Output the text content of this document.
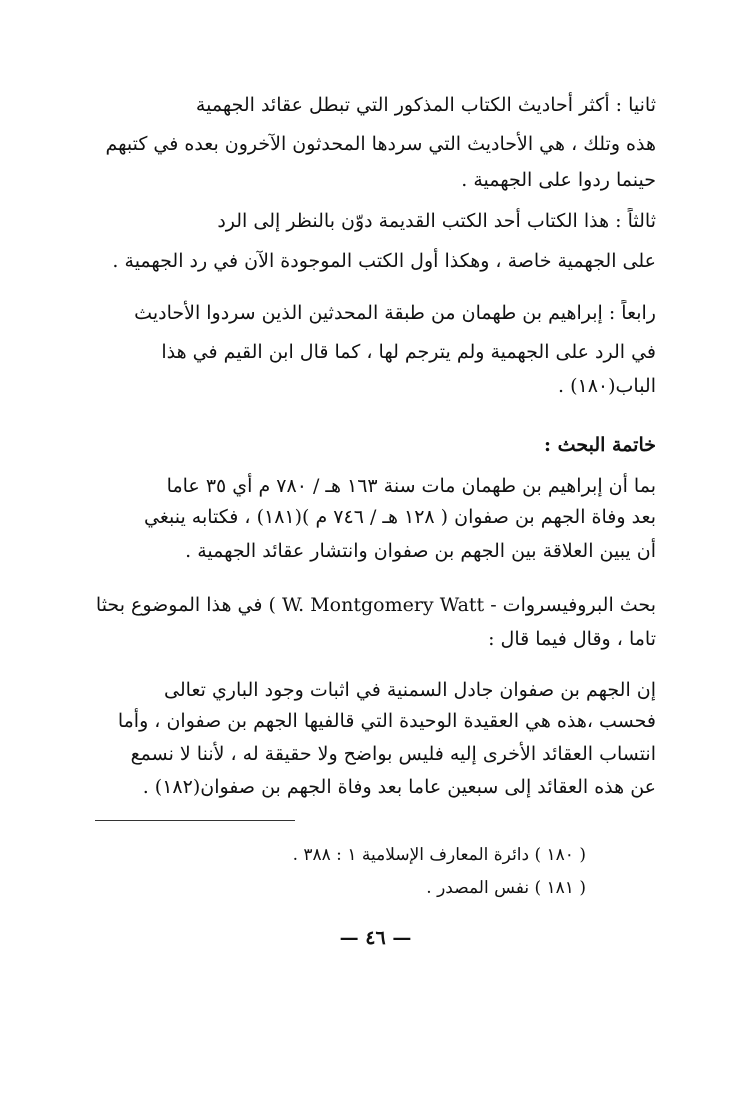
ثانيا : أكثر أحاديث الكتاب المذكور التي تبطل عقائد الجهمية
هذه وتلك ، هي الأحاديث التي سردها المحدثون الآخرون بعده في كتبهم
حينما ردوا على الجهمية .
ثالثاً : هذا الكتاب أحد الكتب القديمة دوّن بالنظر إلى الرد
على الجهمية خاصة ، وهكذا أول الكتب الموجودة الآن في رد الجهمية .
رابعاً : إبراهيم بن طهمان من طبقة المحدثين الذين سردوا الأحاديث
في الرد على الجهمية ولم يترجم لها ، كما قال ابن القيم في هذا
الباب(١٨٠) .
خاتمة البحث :
بما أن إبراهيم بن طهمان مات سنة ١٦٣ هـ / ٧٨٠ م أي ٣٥ عاما
بعد وفاة الجهم بن صفوان ( ١٢٨ هـ / ٧٤٦ م )(١٨١) ، فكتابه ينبغي
أن يبين العلاقة بين الجهم بن صفوان وانتشار عقائد الجهمية .
بحث البروفيسروات - W. Montgomery Watt ) في هذا الموضوع بحثا
تاما ، وقال فيما قال :
إن الجهم بن صفوان جادل السمنية في اثبات وجود الباري تعالى
فحسب ،هذه هي العقيدة الوحيدة التي قالفيها الجهم بن صفوان ، وأما
انتساب العقائد الأخرى إليه فليس بواضح ولا حقيقة له ، لأننا لا نسمع
عن هذه العقائد إلى سبعين عاما بعد وفاة الجهم بن صفوان(١٨٢) .
( ١٨٠ ) دائرة المعارف الإسلامية ١ : ٣٨٨ .
( ١٨١ ) نفس المصدر .
— ٤٦ —
